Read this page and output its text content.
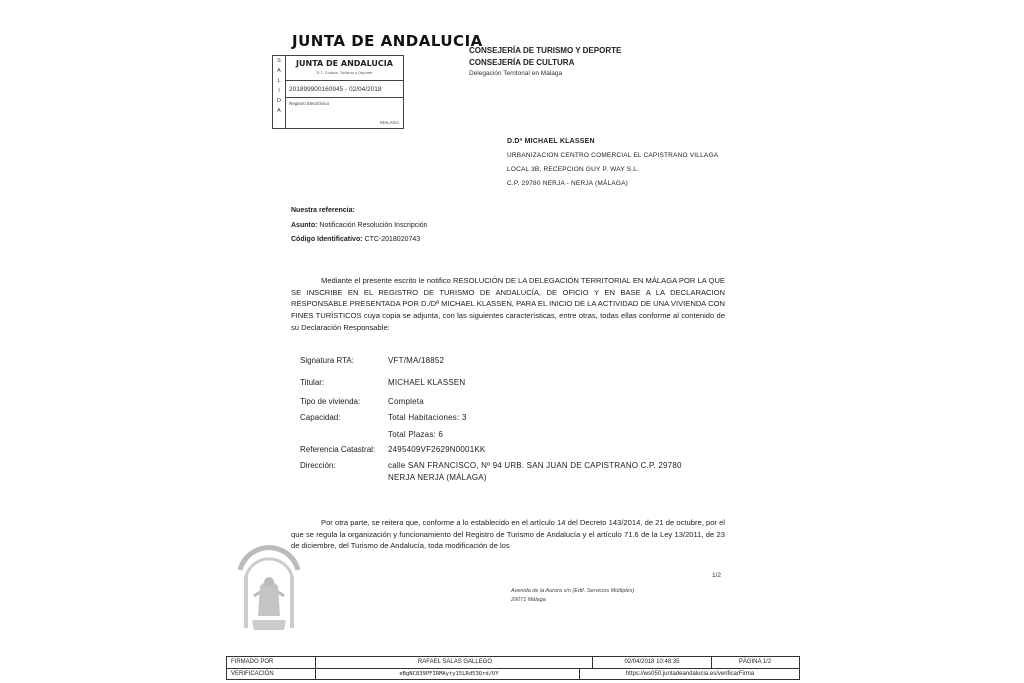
JUNTA DE ANDALUCIA
S
A
L
I
D
A
JUNTA DE ANDALUCIA
D.T. Cultura, Turismo y Deporte
201899900160945 - 02/04/2018
Registro Electrónico
MALAGA
CONSEJERÍA DE TURISMO Y DEPORTE
CONSEJERÍA DE CULTURA
Delegación Territorial en Málaga
D.Dª MICHAEL KLASSEN
URBANIZACION CENTRO COMERCIAL EL CAPISTRANO VILLAGA
LOCAL 3B, RECEPCION GUY P. WAY S.L.
C.P. 29780 NERJA - NERJA (MÁLAGA)
Nuestra referencia:
Asunto: Notificación Resolución Inscripción
Código Identificativo: CTC-2018020743
Mediante el presente escrito le notifico RESOLUCIÓN DE LA DELEGACIÓN TERRITORIAL EN MÁLAGA POR LA QUE SE INSCRIBE EN EL REGISTRO DE TURISMO DE ANDALUCÍA, DE OFICIO Y EN BASE A LA DECLARACION RESPONSABLE PRESENTADA POR D./Dª MICHAEL KLASSEN, PARA EL INICIO DE LA ACTIVIDAD DE UNA VIVIENDA CON FINES TURÍSTICOS cuya copia se adjunta, con las siguientes características, entre otras, todas ellas conforme al contenido de su Declaración Responsable:
Signatura RTA:	VFT/MA/18852
Titular:	MICHAEL KLASSEN
Tipo de vivienda:	Completa
Capacidad:	Total Habitaciones: 3
Total Plazas: 6
Referencia Catastral: 2495409VF2629N0001KK
Dirección:	calle SAN FRANCISCO, Nº 94 URB. SAN JUAN DE CAPISTRANO C.P. 29780
NERJA NERJA (MÁLAGA)
Por otra parte, se reitera que, conforme a lo establecido en el artículo 14 del Decreto 143/2014, de 21 de octubre, por el que se regula la organización y funcionamiento del Registro de Turismo de Andalucía y el artículo 71.6 de la Ley 13/2011, de 23 de diciembre, del Turismo de Andalucía, toda modificación de los
1/2
Avenida de la Aurora s/n (Edif. Servicios Múltiples)
29071 Málaga
FIRMADO POR	RAFAEL SALAS GALLEGO	02/04/2018 10:48:35	PÁGINA 1/2
VERIFICACIÓN	eBgNC839PFIRMAyty15LRd53Qrd/UY	https://ws050.juntadeandalucia.es/verificarFirma
